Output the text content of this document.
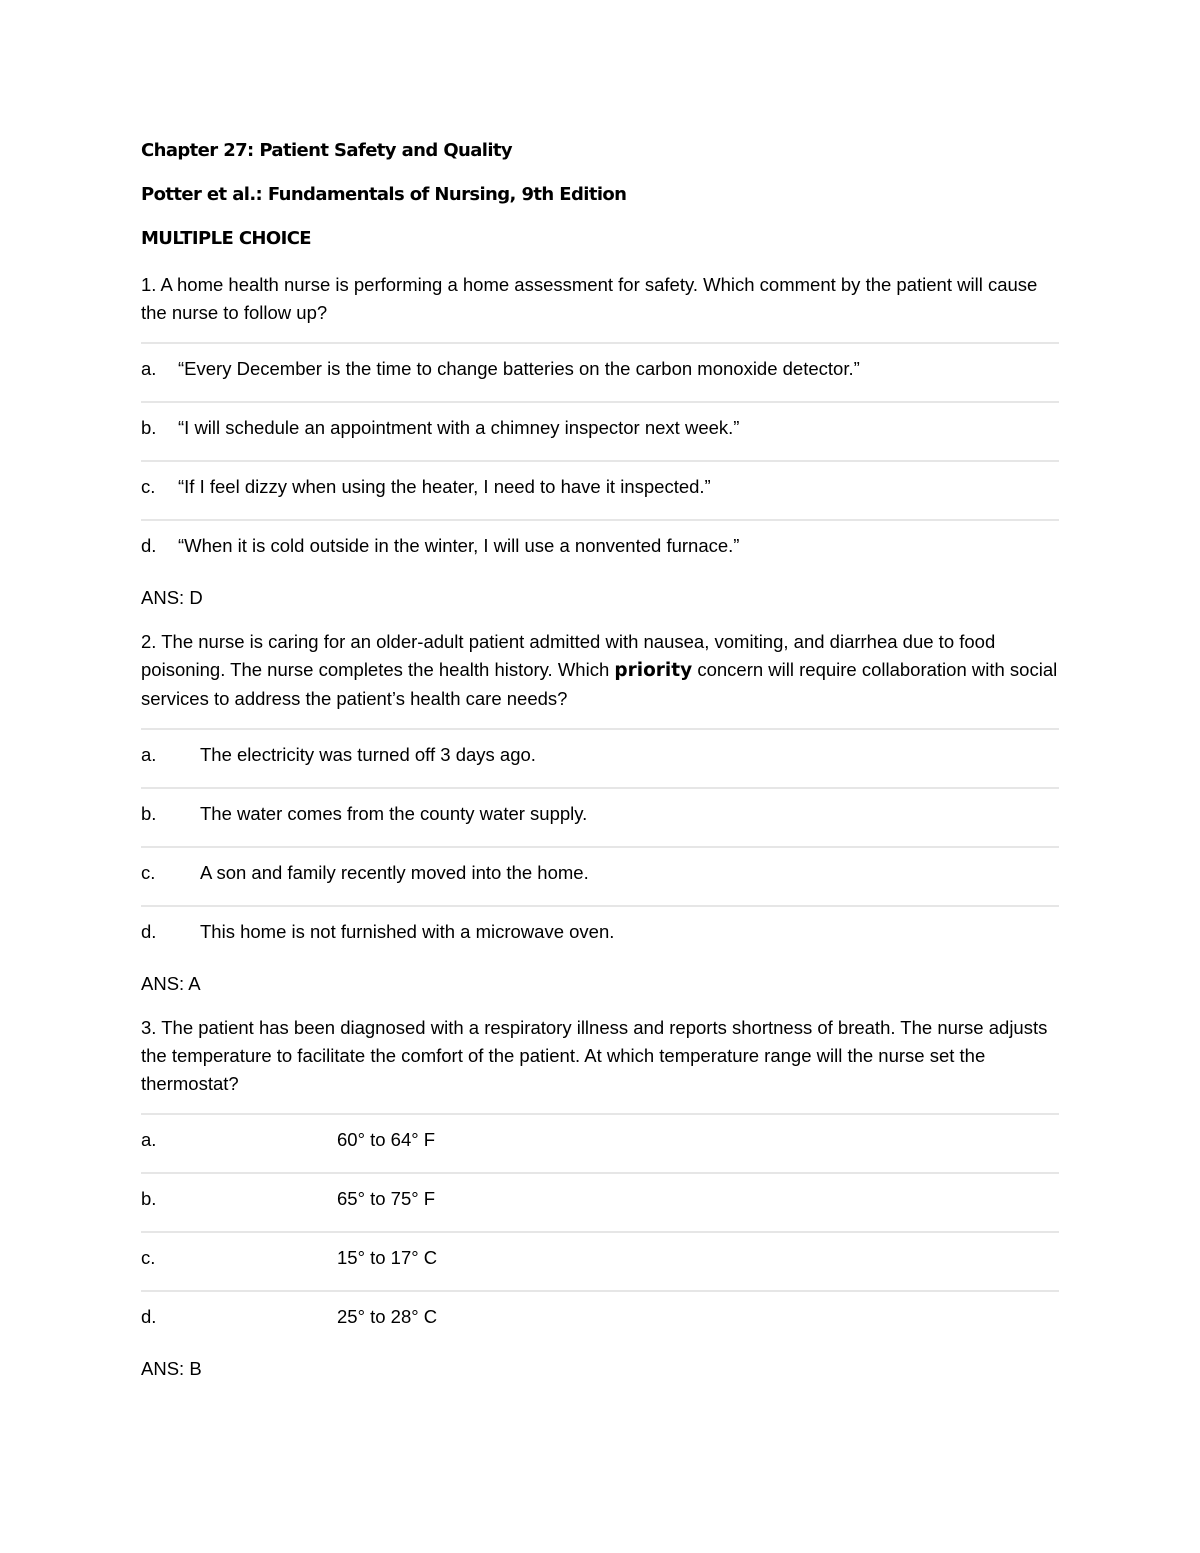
Chapter 27: Patient Safety and Quality
Potter et al.: Fundamentals of Nursing, 9th Edition
MULTIPLE CHOICE
1. A home health nurse is performing a home assessment for safety. Which comment by the patient will cause the nurse to follow up?
a.	“Every December is the time to change batteries on the carbon monoxide detector.”
b.	“I will schedule an appointment with a chimney inspector next week.”
c.	“If I feel dizzy when using the heater, I need to have it inspected.”
d.	“When it is cold outside in the winter, I will use a nonvented furnace.”
ANS: D
2. The nurse is caring for an older-adult patient admitted with nausea, vomiting, and diarrhea due to food poisoning. The nurse completes the health history. Which priority concern will require collaboration with social services to address the patient’s health care needs?
a.	The electricity was turned off 3 days ago.
b.	The water comes from the county water supply.
c.	A son and family recently moved into the home.
d.	This home is not furnished with a microwave oven.
ANS: A
3. The patient has been diagnosed with a respiratory illness and reports shortness of breath. The nurse adjusts the temperature to facilitate the comfort of the patient. At which temperature range will the nurse set the thermostat?
a.	60° to 64° F
b.	65° to 75° F
c.	15° to 17° C
d.	25° to 28° C
ANS: B
